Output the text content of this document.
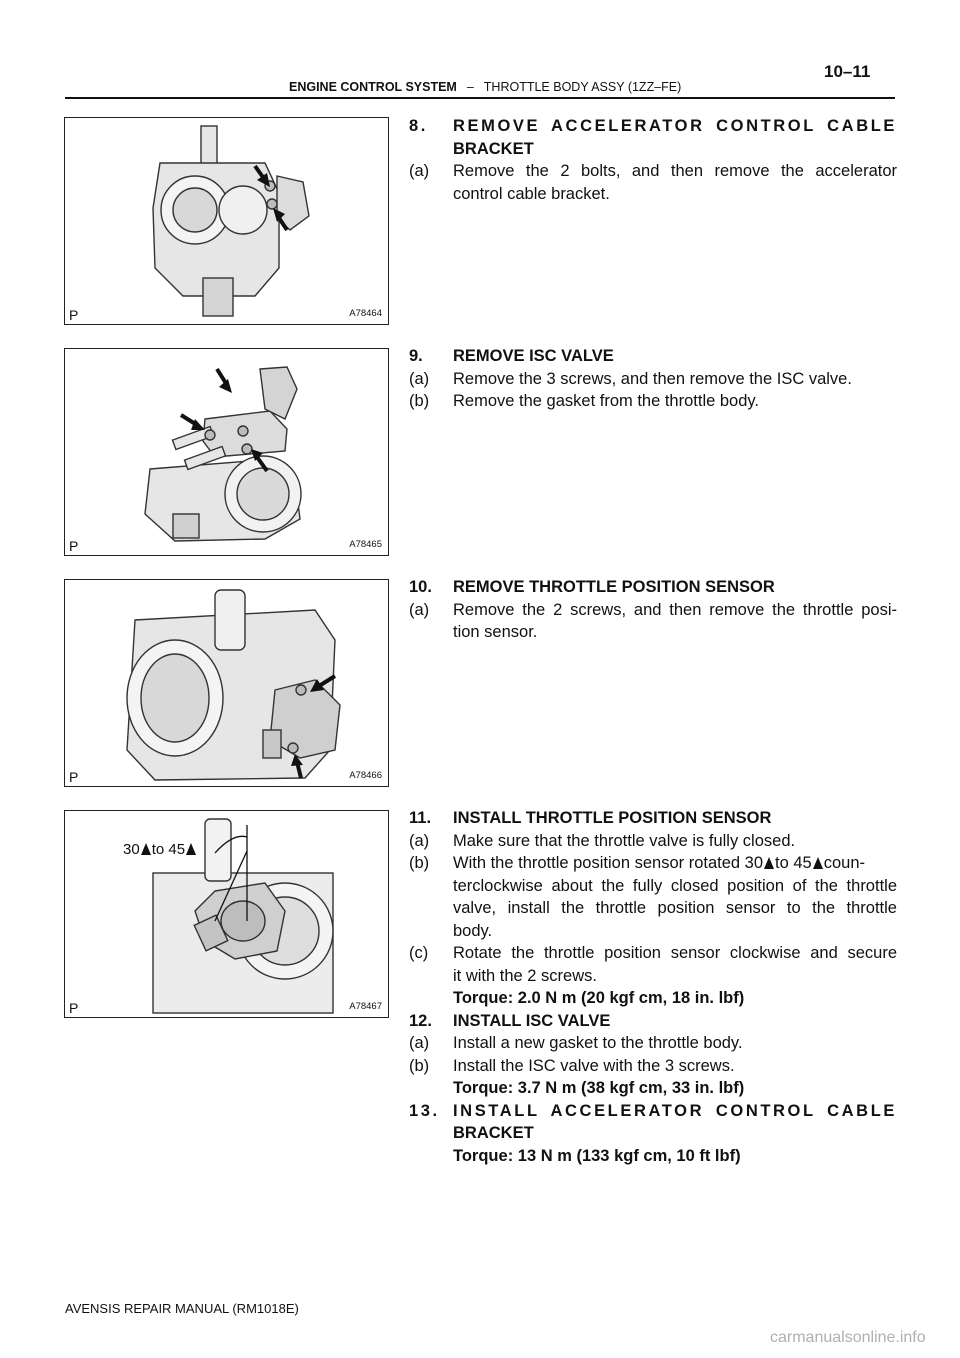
ENGINE CONTROL SYSTEM – THROTTLE BODY ASSY (1ZZ–FE)
10–11
P	A78464
P	A78465
P	A78466
30 to 45
P	A78467
8.	REMOVE ACCELERATOR CONTROL CABLE
BRACKET
(a)	Remove the 2 bolts, and then remove the accelerator
control cable bracket.
9.	REMOVE ISC VALVE
(a)	Remove the 3 screws, and then remove the ISC valve.
(b)	Remove the gasket from the throttle body.
10.	REMOVE THROTTLE POSITION SENSOR
(a)	Remove the 2 screws, and then remove the throttle posi-
tion sensor.
11.	INSTALL THROTTLE POSITION SENSOR
(a)	Make sure that the throttle valve is fully closed.
(b)	With the throttle position sensor rotated 30 to 45 coun-
terclockwise about the fully closed position of the throttle
valve, install the throttle position sensor to the throttle
body.
(c)	Rotate the throttle position sensor clockwise and secure
it with the 2 screws.
Torque: 2.0 N m (20 kgf cm, 18 in. lbf)
12.	INSTALL ISC VALVE
(a)	Install a new gasket to the throttle body.
(b)	Install the ISC valve with the 3 screws.
Torque: 3.7 N m (38 kgf cm, 33 in. lbf)
13. INSTALL ACCELERATOR CONTROL CABLE
BRACKET
Torque: 13 N m (133 kgf cm, 10 ft lbf)
AVENSIS REPAIR MANUAL (RM1018E)
carmanualsonline.info
